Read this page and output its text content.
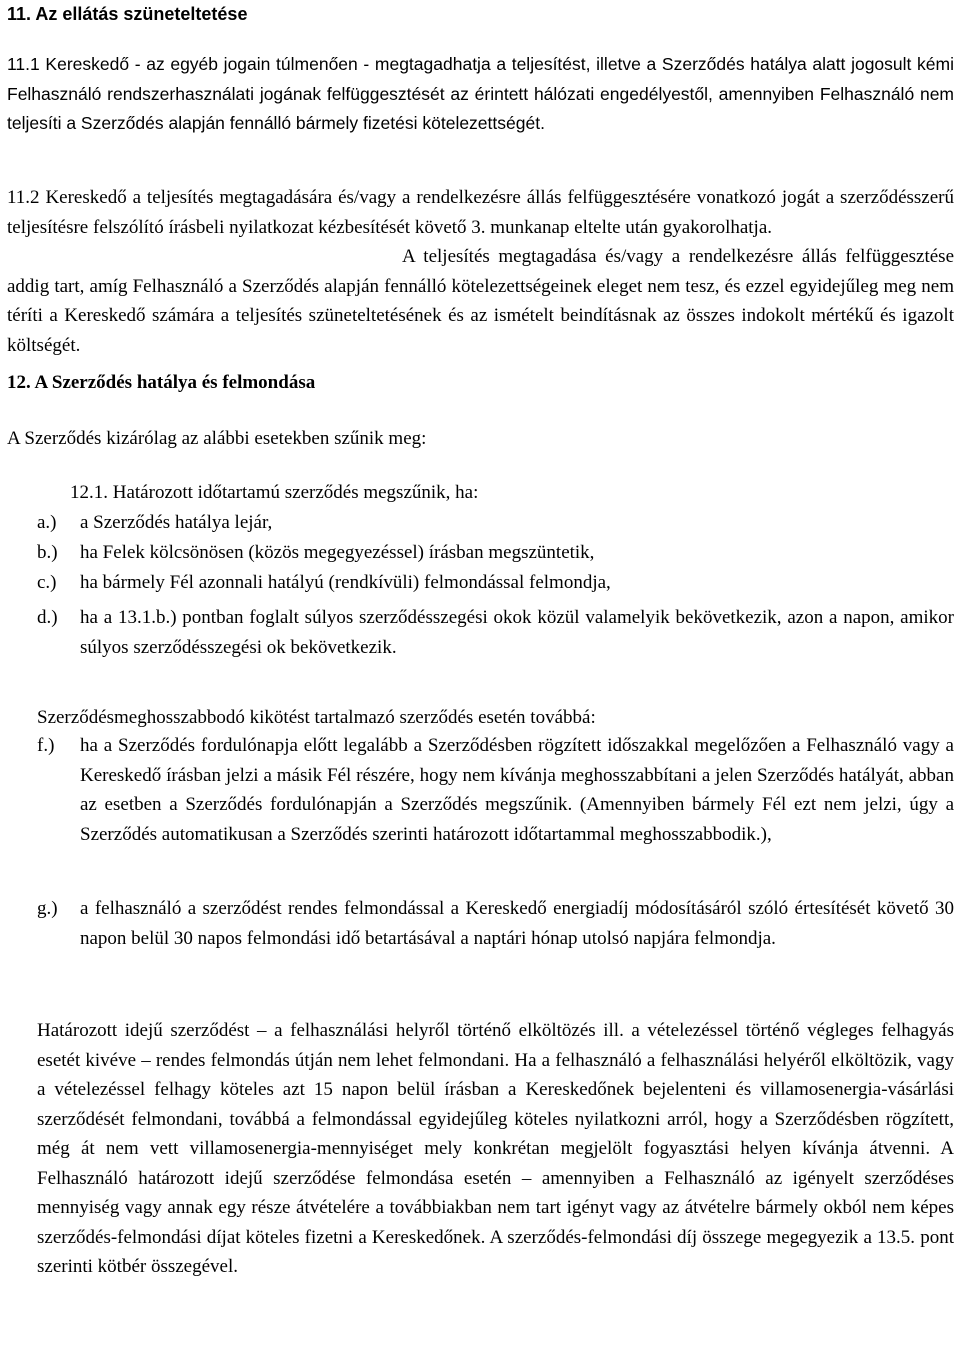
11. Az ellátás szüneteltetése

11.1 Kereskedő - az egyéb jogain túlmenően - megtagadhatja a teljesítést, illetve a Szerződés hatálya alatt jogosult kémi Felhasználó rendszerhasználati jogának felfüggesztését az érintett hálózati engedélyestől, amennyiben Felhasználó nem teljesíti a Szerződés alapján fennálló bármely fizetési kötelezettségét.

11.2 Kereskedő a teljesítés megtagadására és/vagy a rendelkezésre állás felfüggesztésére vonatkozó jogát a szerződésszerű teljesítésre felszólító írásbeli nyilatkozat kézbesítését követő 3. munkanap eltelte után gyakorolhatja.

A teljesítés megtagadása és/vagy a rendelkezésre állás felfüggesztése addig tart, amíg Felhasználó a Szerződés alapján fennálló kötelezettségeinek eleget nem tesz, és ezzel egyidejűleg meg nem téríti a Kereskedő számára a teljesítés szüneteltetésének és az ismételt beindításnak az összes indokolt mértékű és igazolt költségét.

12. A Szerződés hatálya és felmondása

A Szerződés kizárólag az alábbi esetekben szűnik meg:

12.1. Határozott időtartamú szerződés megszűnik, ha:

a.) a Szerződés hatálya lejár,
b.) ha Felek kölcsönösen (közös megegyezéssel) írásban megszüntetik,
c.) ha bármely Fél azonnali hatályú (rendkívüli) felmondással felmondja,
d.) ha a 13.1.b.) pontban foglalt súlyos szerződésszegési okok közül valamelyik bekövetkezik, azon a napon, amikor súlyos szerződésszegési ok bekövetkezik.

Szerződésmeghosszabbodó kikötést tartalmazó szerződés esetén továbbá:

f.) ha a Szerződés fordulónapja előtt legalább a Szerződésben rögzített időszakkal megelőzően a Felhasználó vagy a Kereskedő írásban jelzi a másik Fél részére, hogy nem kívánja meghosszabbítani a jelen Szerződés hatályát, abban az esetben a Szerződés fordulónapján a Szerződés megszűnik. (Amennyiben bármely Fél ezt nem jelzi, úgy a Szerződés automatikusan a Szerződés szerinti határozott időtartammal meghosszabbodik.),
g.) a felhasználó a szerződést rendes felmondással a Kereskedő energiadíj módosításáról szóló értesítését követő 30 napon belül 30 napos felmondási idő betartásával a naptári hónap utolsó napjára felmondja.

Határozott idejű szerződést – a felhasználási helyről történő elköltözés ill. a vételezéssel történő végleges felhagyás esetét kivéve – rendes felmondás útján nem lehet felmondani. Ha a felhasználó a felhasználási helyéről elköltözik, vagy a vételezéssel felhagy köteles azt 15 napon belül írásban a Kereskedőnek bejelenteni és villamosenergia-vásárlási szerződését felmondani, továbbá a felmondással egyidejűleg köteles nyilatkozni arról, hogy a Szerződésben rögzített, még át nem vett villamosenergia-mennyiséget mely konkrétan megjelölt fogyasztási helyen kívánja átvenni. A Felhasználó határozott idejű szerződése felmondása esetén – amennyiben a Felhasználó az igényelt szerződéses mennyiség vagy annak egy része átvételére a továbbiakban nem tart igényt vagy az átvételre bármely okból nem képes szerződés-felmondási díjat köteles fizetni a Kereskedőnek. A szerződés-felmondási díj összege megegyezik a 13.5. pont szerinti kötbér összegével.
